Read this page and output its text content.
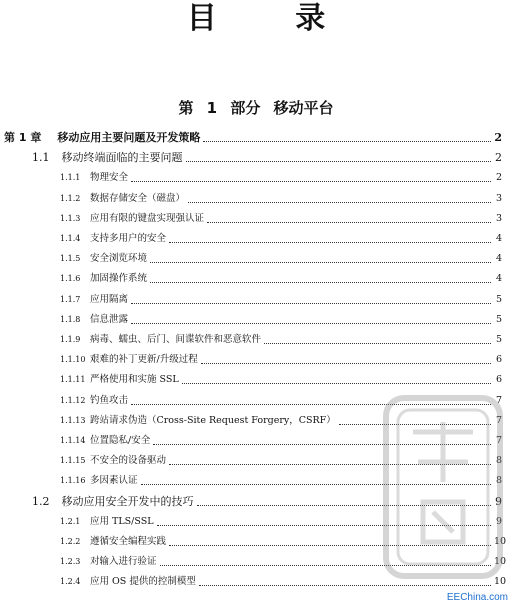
目 录
第 1 部分 移动平台
第 1 章 移动应用主要问题及开发策略	2
1.1 移动终端面临的主要问题	2
1.1.1	物理安全	2
1.1.2	数据存储安全（磁盘）	3
1.1.3	应用有限的键盘实现强认证	3
1.1.4	支持多用户的安全	4
1.1.5	安全浏览环境	4
1.1.6	加固操作系统	4
1.1.7	应用隔离	5
1.1.8	信息泄露	5
1.1.9	病毒、蠕虫、后门、间谍软件和恶意软件	5
1.1.10 艰难的补丁更新/升级过程	6
1.1.11 严格使用和实施 SSL	6
1.1.12 钓鱼攻击	7
1.1.13 跨站请求伪造（Cross-Site Request Forgery，CSRF）	7
1.1.14 位置隐私/安全	7
1.1.15 不安全的设备驱动	8
1.1.16 多因素认证	8
1.2 移动应用安全开发中的技巧	9
1.2.1	应用 TLS/SSL	9
1.2.2	遵循安全编程实践	10
1.2.3	对输入进行验证	10
1.2.4	应用 OS 提供的控制模型	10
EEChina.com
